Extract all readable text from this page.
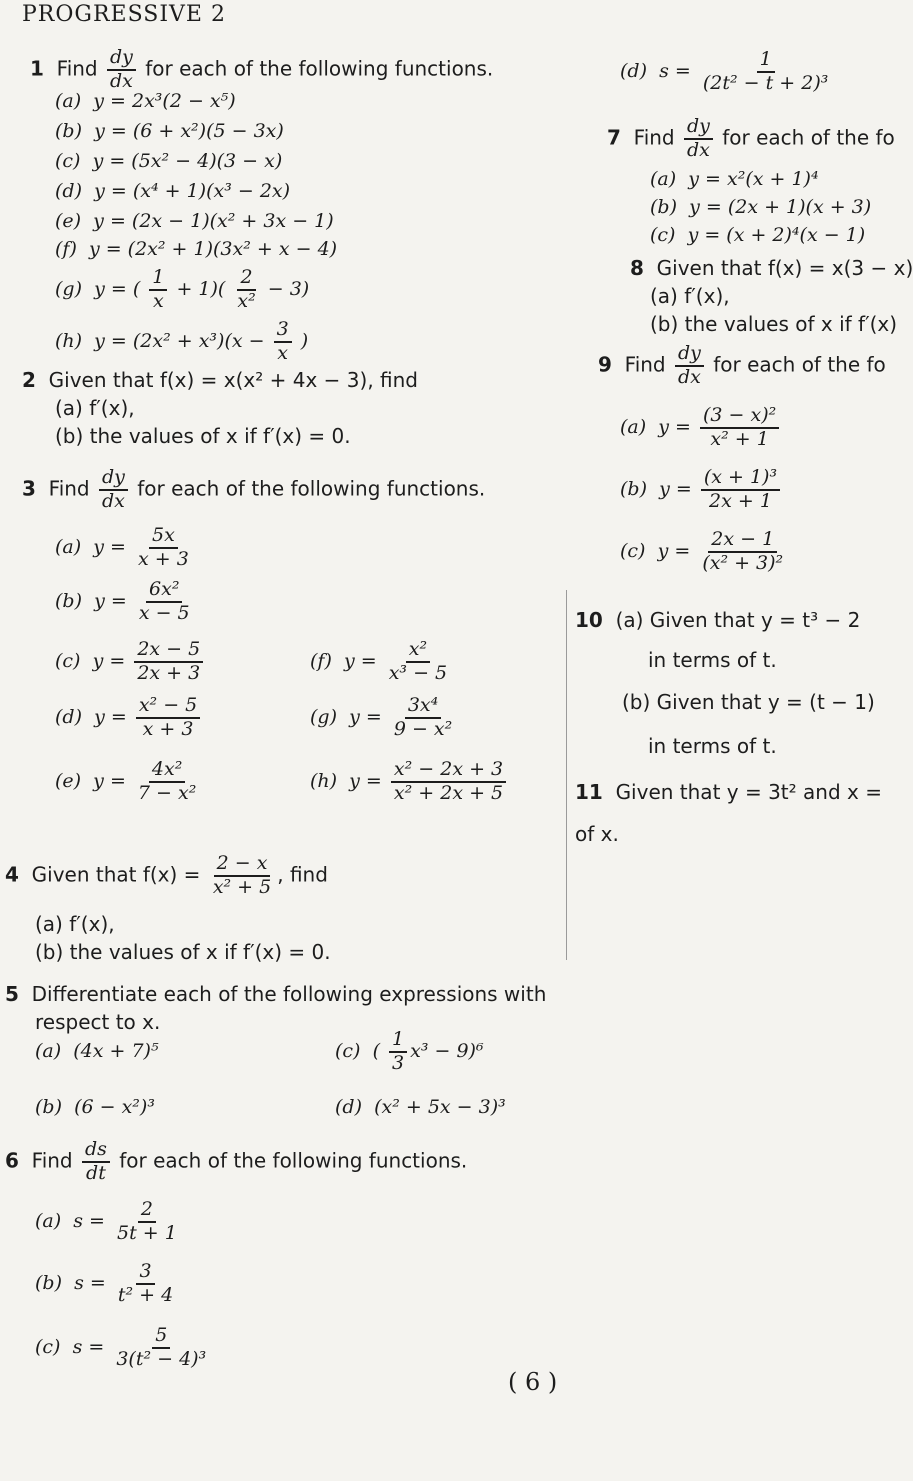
PROGRESSIVE 2
1 Find $\frac{dy}{dx}$ for each of the following functions.
(a) y = 2x³(2 − x⁵)
(b) y = (6 + x²)(5 − 3x)
(c) y = (5x² − 4)(3 − x)
(d) y = (x⁴ + 1)(x³ − 2x)
(e) y = (2x − 1)(x² + 3x − 1)
(f) y = (2x² + 1)(3x² + x − 4)
(g) y = ( $\frac{1}{x} + 1)( \frac{2}{\text{x²}} - 3)$
(h) $y = (2x^2 + x^3)(x - \frac{3}{x}$ )
(d) $s = \frac{1}{\text{(2t² − t + 2)³}}$
7 Find $\frac{dy}{dx}$ for each of the fo
(a) y = x²(x + 1)⁴
(b) y = (2x + 1)(x + 3)
(c) y = (x + 2)⁴(x − 1)
8 Given that f(x) = x(3 − x)
(a) f′(x),
(b) the values of x if f′(x)
2 Given that f(x) = x(x² + 4x − 3), find
(a) f′(x),
(b) the values of x if f′(x) = 0.
9 Find $\frac{dy}{dx}$ for each of the fo
(a) $y = \frac{\text{(3 − x)²}}{\text{x² + 1}}$
(b) $y = \frac{\text{(x + 1)³}}{2x + 1}$
(c) $y = \frac{2x - 1}{\text{(x² + 3)²}}$
3 Find $\frac{dy}{dx}$ for each of the following functions.
(a) $y = \frac{5x}{x + 3}$
(b) $y = \frac{\text{6x²}}{x - 5}$
(c) $y = \frac{2x - 5}{2x + 3}$
(d) $y = \frac{\text{x² − 5}}{x + 3}$
(e) $y = \frac{\text{4x²}}{\text{7 − x²}}$
(f) $y = \frac{\text{x²}}{\text{x³ − 5}}$
(g) $y = \frac{\text{3x⁴}}{\text{9 − x²}}$
(h) $y = \frac{\text{x² − 2x + 3}}{\text{x² + 2x + 5}}$
10 (a) Given that y = t³ − 2
in terms of t.
(b) Given that y = (t − 1)
in terms of t.
11 Given that y = 3t² and x =
of x.
4 Given that $f(x) = \frac{2 - x}{\text{x² + 5}}$ , find
(a) f′(x),
(b) the values of x if f′(x) = 0.
5 Differentiate each of the following expressions with
respect to x.
(a) (4x + 7)⁵	(c) ( $\frac{1}{3} x^3 - 9)^6$
(b) (6 − x²)³	(d) (x² + 5x − 3)³
6 Find $\frac{ds}{dt}$ for each of the following functions.
(a) $s = \frac{2}{5t + 1}$
(b) $s = \frac{3}{\text{t² + 4}}$
(c) $s = \frac{5}{\text{3(t² − 4)³}}$
( 6 )
